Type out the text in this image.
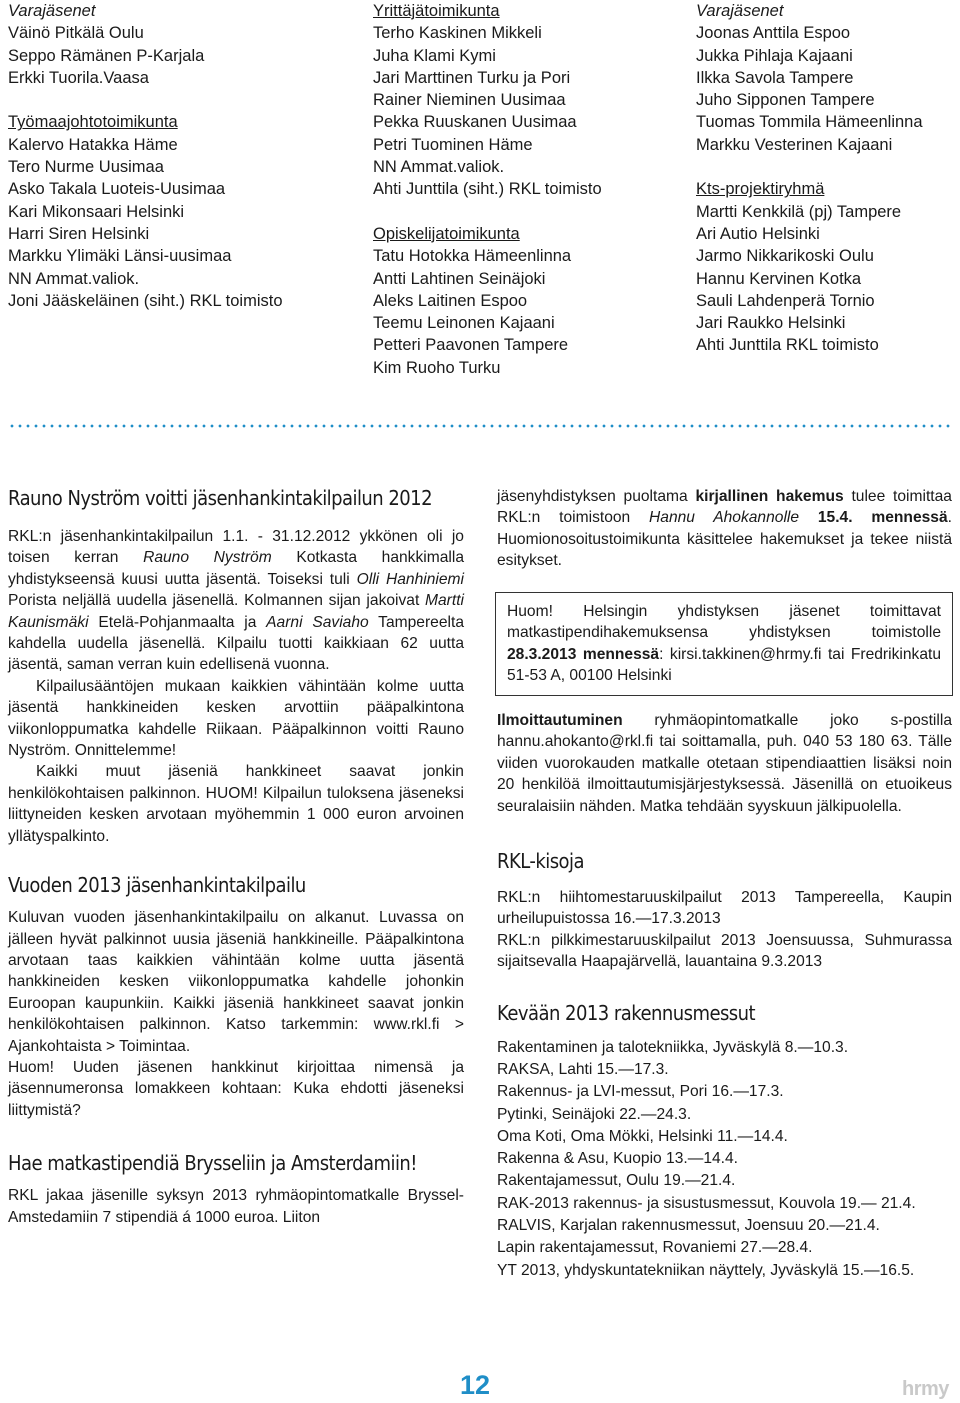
Varajäsenet
Väinö Pitkälä Oulu
Seppo Rämänen P-Karjala
Erkki Tuorila.Vaasa
Työmaajohtotoimikunta
Kalervo Hatakka Häme
Tero Nurme Uusimaa
Asko Takala Luoteis-Uusimaa
Kari Mikonsaari Helsinki
Harri Siren Helsinki
Markku Ylimäki Länsi-uusimaa
NN Ammat.valiok.
Joni Jääskeläinen (siht.) RKL toimisto
Yrittäjätoimikunta
Terho Kaskinen Mikkeli
Juha Klami Kymi
Jari Marttinen Turku ja Pori
Rainer Nieminen Uusimaa
Pekka Ruuskanen Uusimaa
Petri Tuominen Häme
NN Ammat.valiok.
Ahti Junttila (siht.) RKL toimisto
Opiskelijatoimikunta
Tatu Hotokka Hämeenlinna
Antti Lahtinen Seinäjoki
Aleks Laitinen Espoo
Teemu Leinonen Kajaani
Petteri Paavonen Tampere
Kim Ruoho Turku
Varajäsenet
Joonas Anttila Espoo
Jukka Pihlaja Kajaani
Ilkka Savola Tampere
Juho Sipponen Tampere
Tuomas Tommila Hämeenlinna
Markku Vesterinen Kajaani
Kts-projektiryhmä
Martti Kenkkilä (pj) Tampere
Ari Autio Helsinki
Jarmo Nikkarikoski Oulu
Hannu Kervinen Kotka
Sauli Lahdenperä Tornio
Jari Raukko Helsinki
Ahti Junttila RKL toimisto
Rauno Nyström voitti jäsenhankintakilpailun 2012

RKL:n jäsenhankintakilpailun 1.1. - 31.12.2012 ykkönen oli jo toisen kerran Rauno Nyström Kotkasta hankkimalla yhdistykseensä kuusi uutta jäsentä. Toiseksi tuli Olli Hanhiniemi Porista neljällä uudella jäsenellä. Kolmannen sijan jakoivat Martti Kaunismäki Etelä-Pohjanmaalta ja Aarni Saviaho Tampereelta kahdella uudella jäsenellä. Kilpailu tuotti kaikkiaan 62 uutta jäsentä, saman verran kuin edellisenä vuonna.

Kilpailusääntöjen mukaan kaikkien vähintään kolme uutta jäsentä hankkineiden kesken arvottiin pääpalkintona viikonloppumatka kahdelle Riikaan. Pääpalkinnon voitti Rauno Nyström. Onnittelemme!

Kaikki muut jäseniä hankkineet saavat jonkin henkilökohtaisen palkinnon. HUOM! Kilpailun tuloksena jäseneksi liittyneiden kesken arvotaan myöhemmin 1 000 euron arvoinen yllätyspalkinto.

Vuoden 2013 jäsenhankintakilpailu

Kuluvan vuoden jäsenhankintakilpailu on alkanut. Luvassa on jälleen hyvät palkinnot uusia jäseniä hankkineille. Pääpalkintona arvotaan taas kaikkien vähintään kolme uutta jäsentä hankkineiden kesken viikonloppumatka kahdelle johonkin Euroopan kaupunkiin. Kaikki jäseniä hankkineet saavat jonkin henkilökohtaisen palkinnon. Katso tarkemmin: www.rkl.fi > Ajankohtaista > Toimintaa.

Huom! Uuden jäsenen hankkinut kirjoittaa nimensä ja jäsennumeronsa lomakkeen kohtaan: Kuka ehdotti jäseneksi liittymistä?

Hae matkastipendiä Brysseliin ja Amsterdamiin!

RKL jakaa jäsenille syksyn 2013 ryhmäopintomatkalle Bryssel-Amstedamiin 7 stipendiä á 1000 euroa. Liiton

jäsenyhdistyksen puoltama kirjallinen hakemus tulee toimittaa RKL:n toimistoon Hannu Ahokannolle 15.4. mennessä. Huomionosoitustoimikunta käsittelee hakemukset ja tekee niistä esitykset.

Huom! Helsingin yhdistyksen jäsenet toimittavat matkastipendihakemuksensa yhdistyksen toimistolle 28.3.2013 mennessä: kirsi.takkinen@hrmy.fi tai Fredrikinkatu 51-53 A, 00100 Helsinki

Ilmoittautuminen ryhmäopintomatkalle joko s-postilla hannu.ahokanto@rkl.fi tai soittamalla, puh. 040 53 180 63. Tälle viiden vuorokauden matkalle otetaan stipendiaattien lisäksi noin 20 henkilöä ilmoittautumisjärjestyksessä. Jäsenillä on etuoikeus seuralaisiin nähden. Matka tehdään syyskuun jälkipuolella.

RKL-kisoja

RKL:n hiihtomestaruuskilpailut 2013 Tampereella, Kaupin urheilupuistossa 16.—17.3.2013

RKL:n pilkkimestaruuskilpailut 2013 Joensuussa, Suhmurassa sijaitsevalla Haapajärvellä, lauantaina 9.3.2013

Kevään 2013 rakennusmessut

Rakentaminen ja talotekniikka, Jyväskylä 8.—10.3.

RAKSA, Lahti 15.—17.3.

Rakennus- ja LVI-messut, Pori 16.—17.3.

Pytinki, Seinäjoki 22.—24.3.

Oma Koti, Oma Mökki, Helsinki 11.—14.4.

Rakenna & Asu, Kuopio 13.—14.4.

Rakentajamessut, Oulu 19.—21.4.

RAK-2013 rakennus- ja sisustusmessut, Kouvola 19.— 21.4.

RALVIS, Karjalan rakennusmessut, Joensuu 20.—21.4.

Lapin rakentajamessut, Rovaniemi 27.—28.4.

YT 2013, yhdyskuntatekniikan näyttely, Jyväskylä 15.—16.5.

12	hrmy
